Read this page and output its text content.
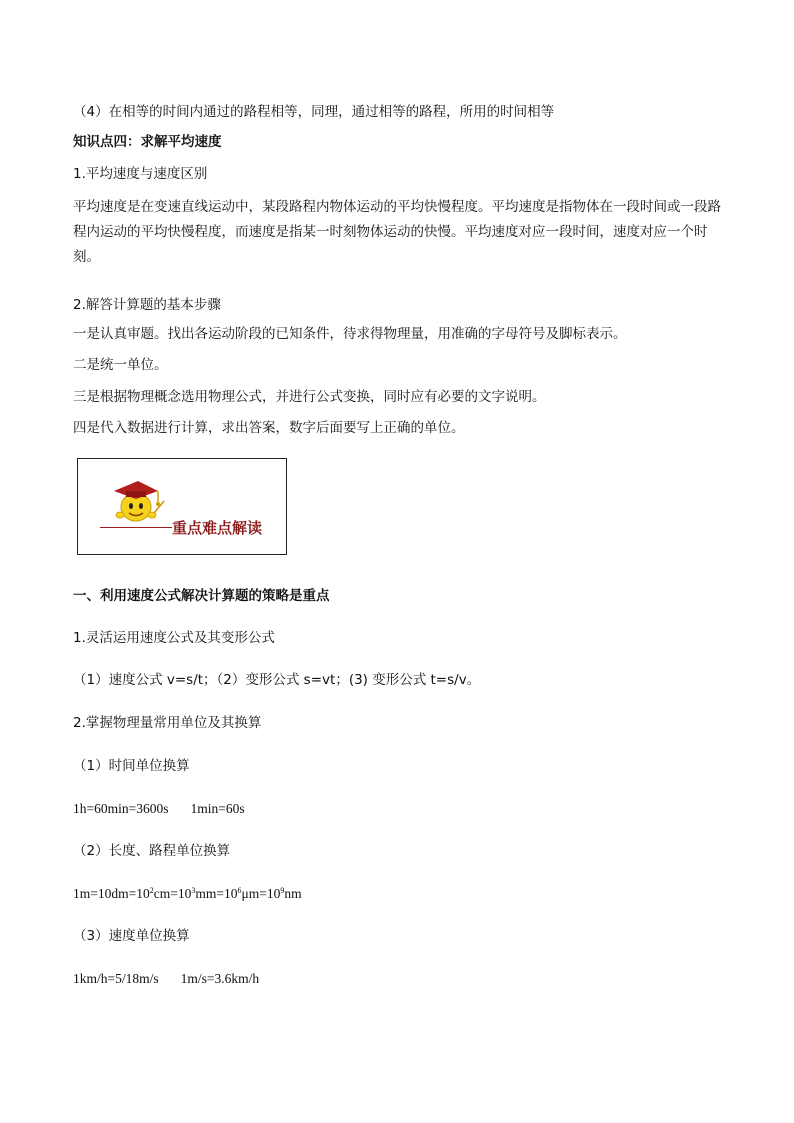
（4）在相等的时间内通过的路程相等，同理，通过相等的路程，所用的时间相等
知识点四：求解平均速度
1.平均速度与速度区别
平均速度是在变速直线运动中，某段路程内物体运动的平均快慢程度。平均速度是指物体在一段时间或一段路程内运动的平均快慢程度，而速度是指某一时刻物体运动的快慢。平均速度对应一段时间，速度对应一个时刻。
2.解答计算题的基本步骤
一是认真审题。找出各运动阶段的已知条件，待求得物理量，用准确的字母符号及脚标表示。
二是统一单位。
三是根据物理概念选用物理公式，并进行公式变换，同时应有必要的文字说明。
四是代入数据进行计算，求出答案，数字后面要写上正确的单位。
重点难点解读
一、利用速度公式解决计算题的策略是重点
1.灵活运用速度公式及其变形公式
（1）速度公式 v=s/t；（2）变形公式 s=vt；(3) 变形公式 t=s/v。
2.掌握物理量常用单位及其换算
（1）时间单位换算
1h=60min=3600s 1min=60s
（2）长度、路程单位换算
$1m=10dm=10^2cm=10^3mm=10^6\mu m=10^9nm$
（3）速度单位换算
1km/h=5/18m/s 1m/s=3.6km/h
